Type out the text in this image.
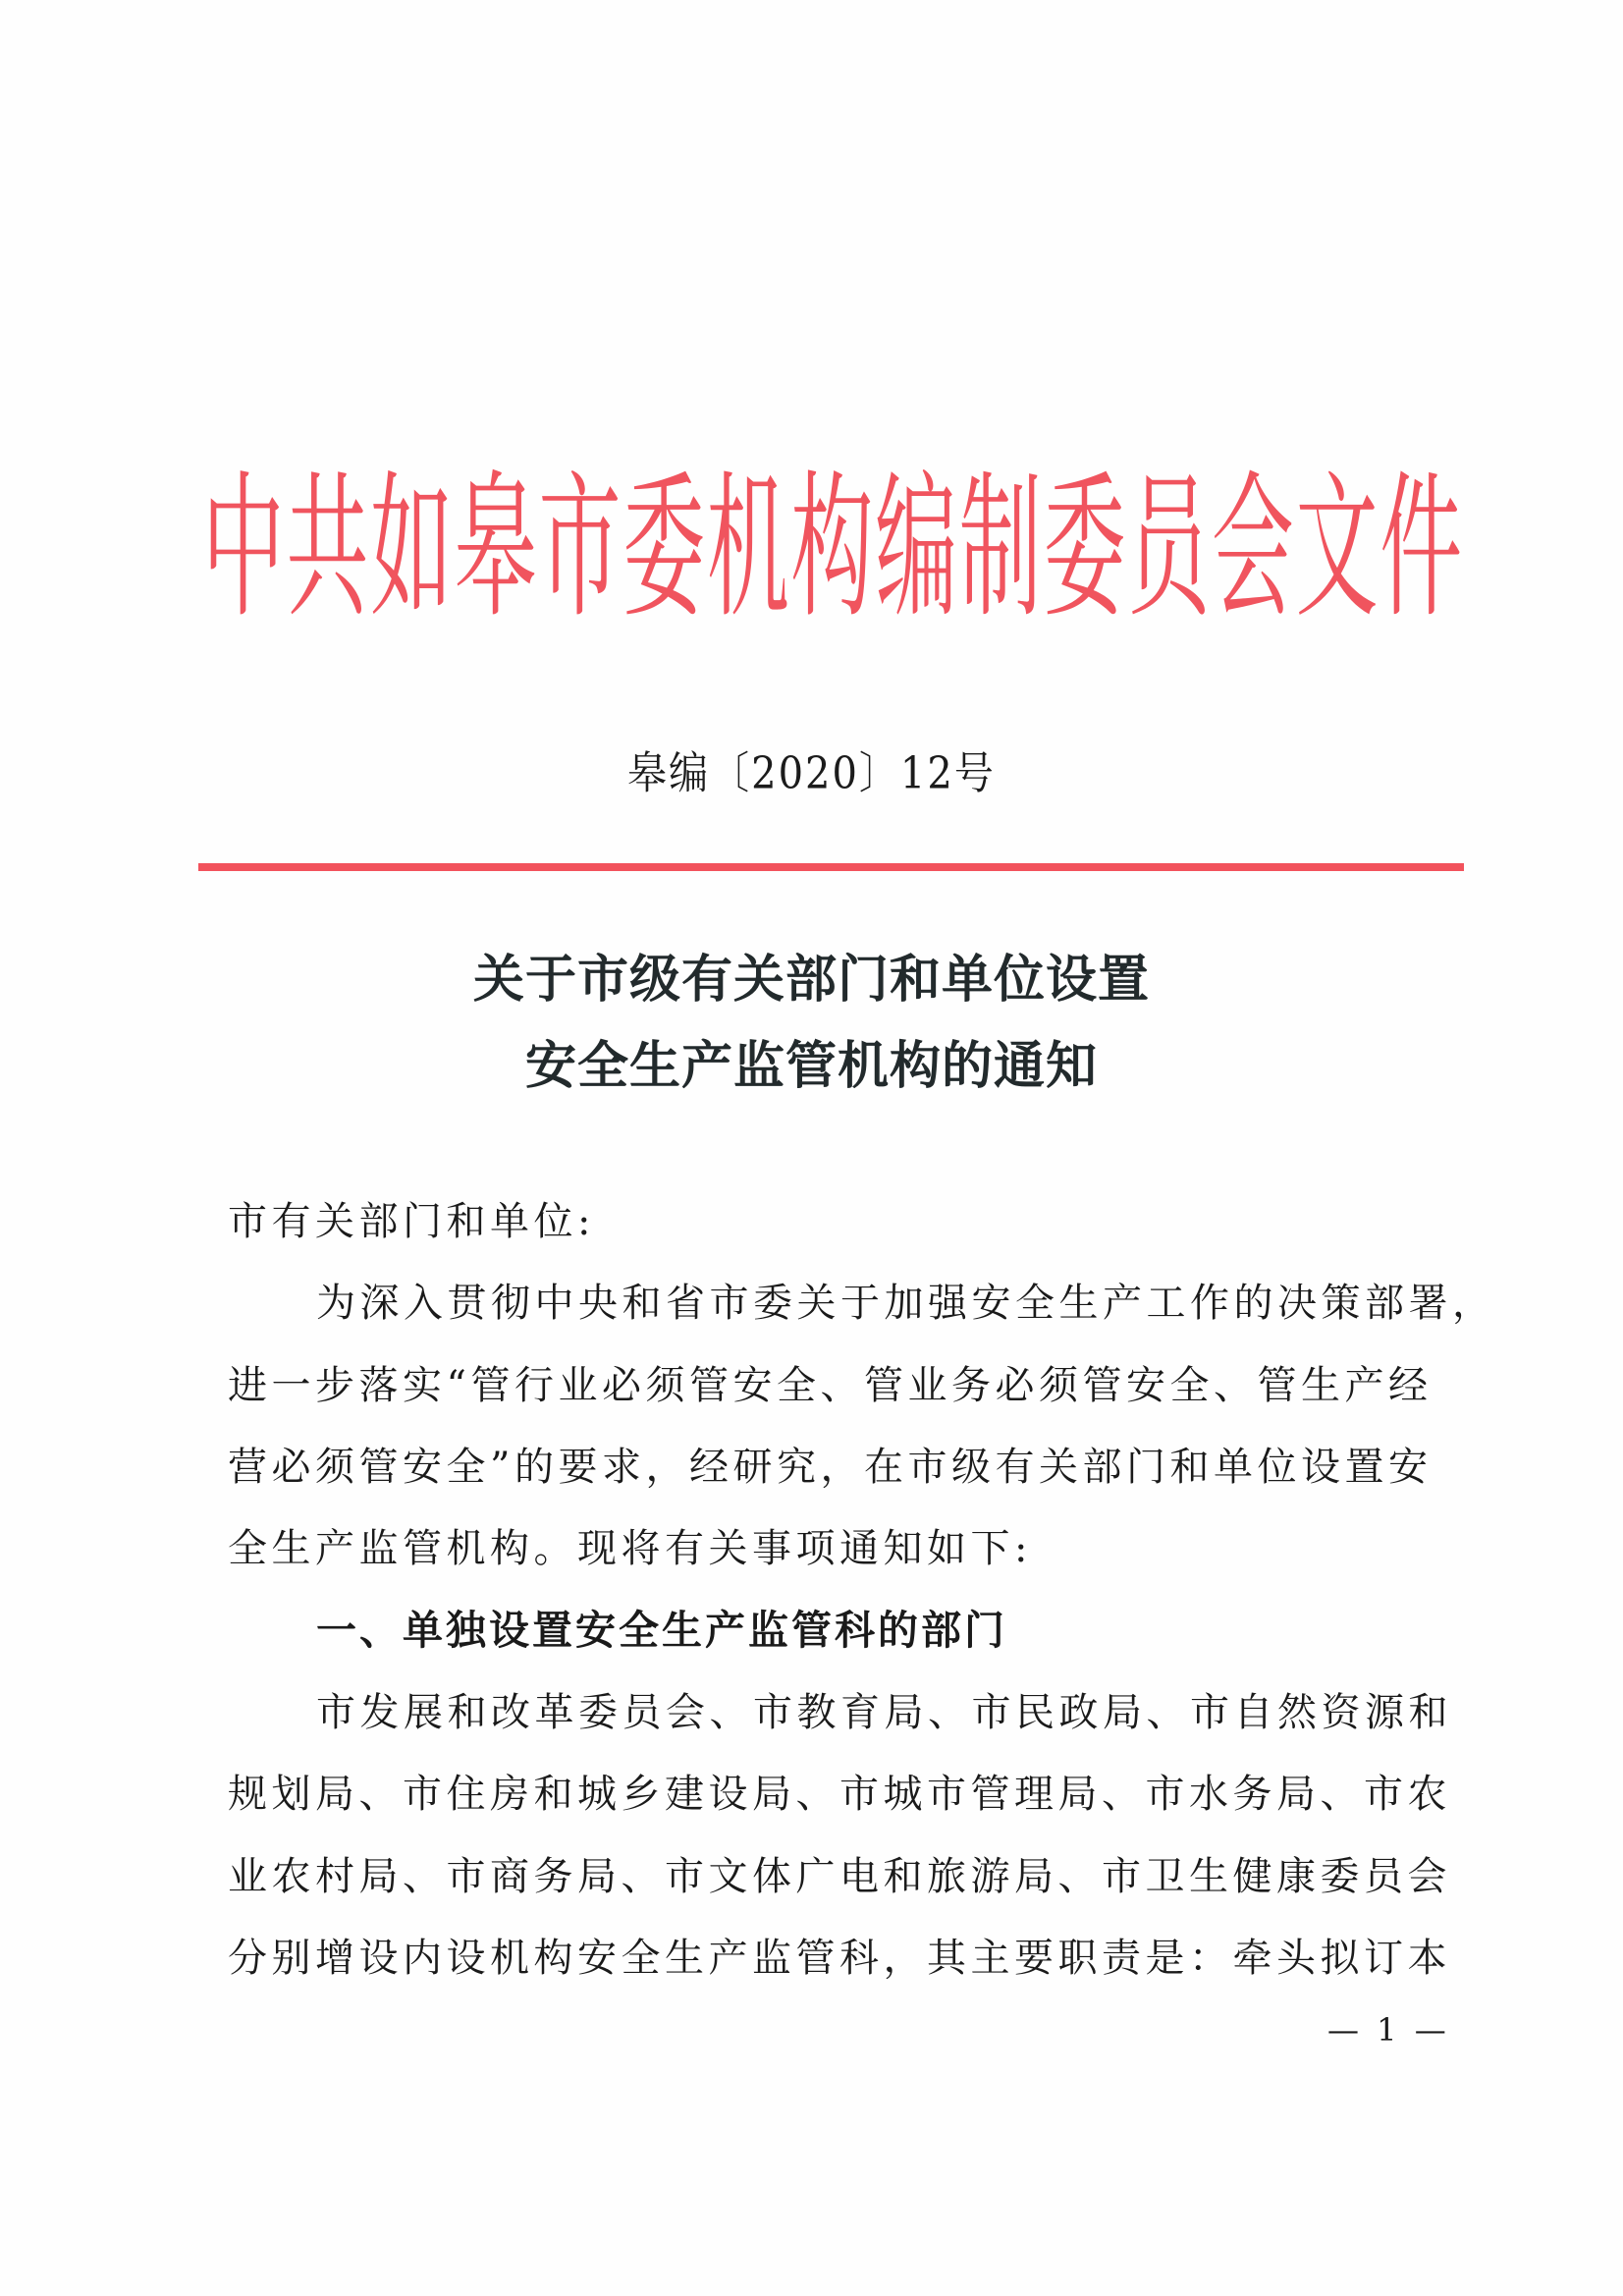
中 共 如 皋 市 委 机 构 编 制 委 员 会 文 件
皋编〔2020〕12号
关于市级有关部门和单位设置
安全生产监管机构的通知
市有关部门和单位:
为深入贯彻中央和省市委关于加强安全生产工作的决策部署，
进一步落实“管行业必须管安全、管业务必须管安全、管生产经
营必须管安全”的要求，经研究，在市级有关部门和单位设置安
全生产监管机构。现将有关事项通知如下:
一、单独设置安全生产监管科的部门
市发展和改革委员会、市教育局、市民政局、市自然资源和
规划局、市住房和城乡建设局、市城市管理局、市水务局、市农
业农村局、市商务局、市文体广电和旅游局、市卫生健康委员会
分别增设内设机构安全生产监管科，其主要职责是：牵头拟订本
— 1 —
